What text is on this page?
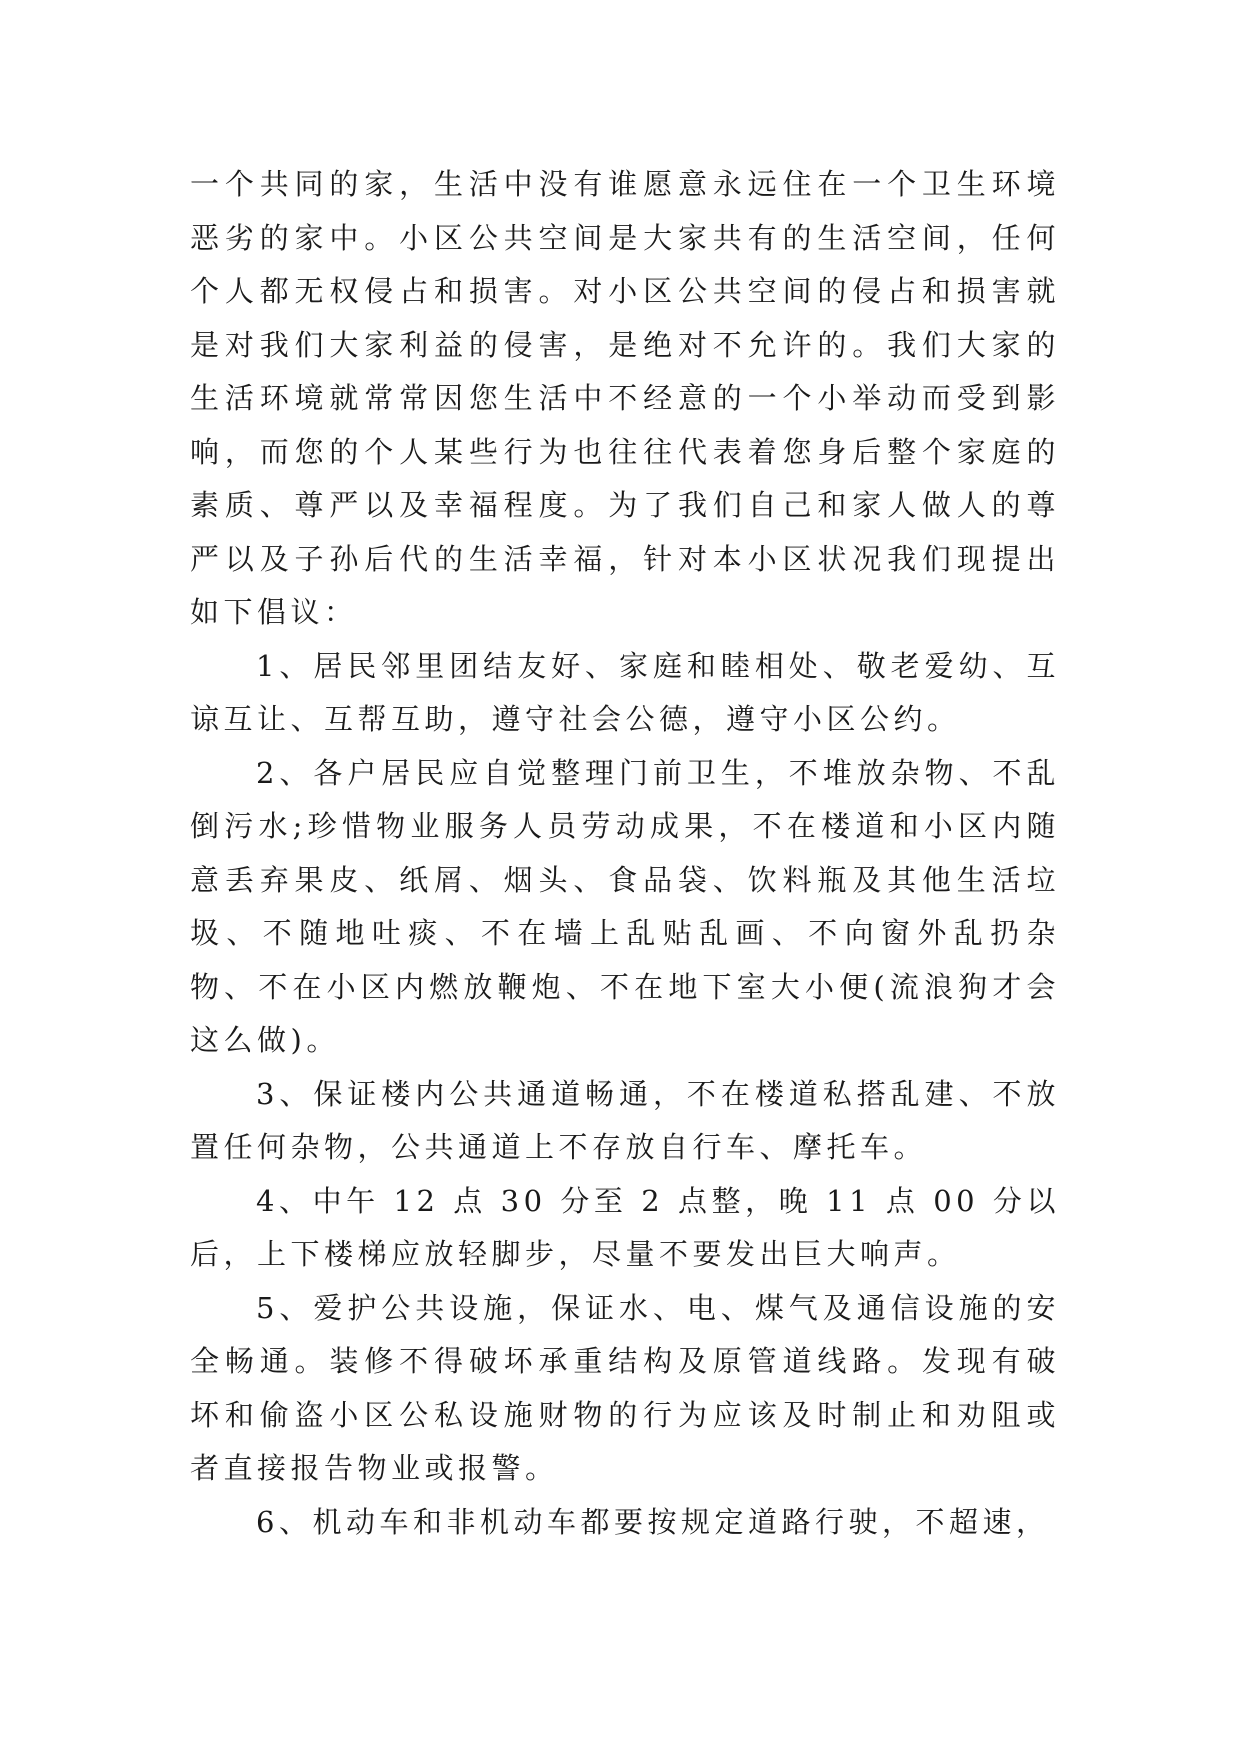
一个共同的家，生活中没有谁愿意永远住在一个卫生环境恶劣的家中。小区公共空间是大家共有的生活空间，任何个人都无权侵占和损害。对小区公共空间的侵占和损害就是对我们大家利益的侵害，是绝对不允许的。我们大家的生活环境就常常因您生活中不经意的一个小举动而受到影响，而您的个人某些行为也往往代表着您身后整个家庭的素质、尊严以及幸福程度。为了我们自己和家人做人的尊严以及子孙后代的生活幸福，针对本小区状况我们现提出如下倡议：

1、居民邻里团结友好、家庭和睦相处、敬老爱幼、互谅互让、互帮互助，遵守社会公德，遵守小区公约。

2、各户居民应自觉整理门前卫生，不堆放杂物、不乱倒污水;珍惜物业服务人员劳动成果，不在楼道和小区内随意丢弃果皮、纸屑、烟头、食品袋、饮料瓶及其他生活垃圾、不随地吐痰、不在墙上乱贴乱画、不向窗外乱扔杂物、不在小区内燃放鞭炮、不在地下室大小便(流浪狗才会这么做)。

3、保证楼内公共通道畅通，不在楼道私搭乱建、不放置任何杂物，公共通道上不存放自行车、摩托车。

4、中午 12 点 30 分至 2 点整，晚 11 点 00 分以后，上下楼梯应放轻脚步，尽量不要发出巨大响声。

5、爱护公共设施，保证水、电、煤气及通信设施的安全畅通。装修不得破坏承重结构及原管道线路。发现有破坏和偷盗小区公私设施财物的行为应该及时制止和劝阻或者直接报告物业或报警。

6、机动车和非机动车都要按规定道路行驶，不超速，
